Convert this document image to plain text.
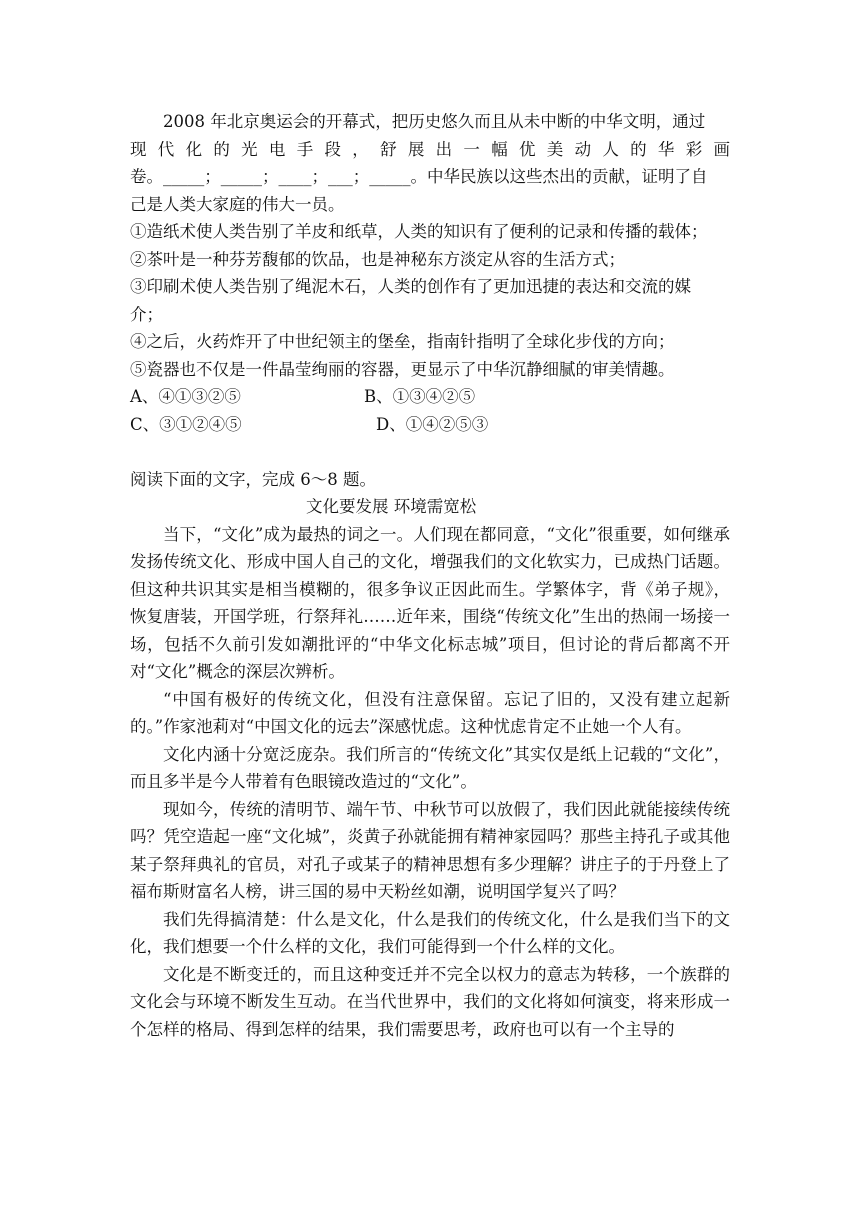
2008 年北京奥运会的开幕式，把历史悠久而且从未中断的中华文明，通过

现代化的光电手段，舒展出一幅优美动人的华彩画

卷。_____；_____；____；___；_____。中华民族以这些杰出的贡献，证明了自

己是人类大家庭的伟大一员。

①造纸术使人类告别了羊皮和纸草，人类的知识有了便利的记录和传播的载体；

②茶叶是一种芬芳馥郁的饮品，也是神秘东方淡定从容的生活方式；

③印刷术使人类告别了绳泥木石，人类的创作有了更加迅捷的表达和交流的媒

介；

④之后，火药炸开了中世纪领主的堡垒，指南针指明了全球化步伐的方向；

⑤瓷器也不仅是一件晶莹绚丽的容器，更显示了中华沉静细腻的审美情趣。

A、④①③②⑤	B、①③④②⑤
C、③①②④⑤	D、①④②⑤③

阅读下面的文字，完成 6～8 题。

文化要发展 环境需宽松

当下，“文化”成为最热的词之一。人们现在都同意，“文化”很重要，如何继承发扬传统文化、形成中国人自己的文化，增强我们的文化软实力，已成热门话题。但这种共识其实是相当模糊的，很多争议正因此而生。学繁体字，背《弟子规》，恢复唐装，开国学班，行祭拜礼……近年来，围绕“传统文化”生出的热闹一场接一场，包括不久前引发如潮批评的“中华文化标志城”项目，但讨论的背后都离不开对“文化”概念的深层次辨析。

“中国有极好的传统文化，但没有注意保留。忘记了旧的，又没有建立起新的。”作家池莉对“中国文化的远去”深感忧虑。这种忧虑肯定不止她一个人有。

文化内涵十分宽泛庞杂。我们所言的“传统文化”其实仅是纸上记载的“文化”，而且多半是今人带着有色眼镜改造过的“文化”。

现如今，传统的清明节、端午节、中秋节可以放假了，我们因此就能接续传统吗？凭空造起一座“文化城”，炎黄子孙就能拥有精神家园吗？那些主持孔子或其他某子祭拜典礼的官员，对孔子或某子的精神思想有多少理解？讲庄子的于丹登上了福布斯财富名人榜，讲三国的易中天粉丝如潮，说明国学复兴了吗？

我们先得搞清楚：什么是文化，什么是我们的传统文化，什么是我们当下的文化，我们想要一个什么样的文化，我们可能得到一个什么样的文化。

文化是不断变迁的，而且这种变迁并不完全以权力的意志为转移，一个族群的文化会与环境不断发生互动。在当代世界中，我们的文化将如何演变，将来形成一个怎样的格局、得到怎样的结果，我们需要思考，政府也可以有一个主导的
